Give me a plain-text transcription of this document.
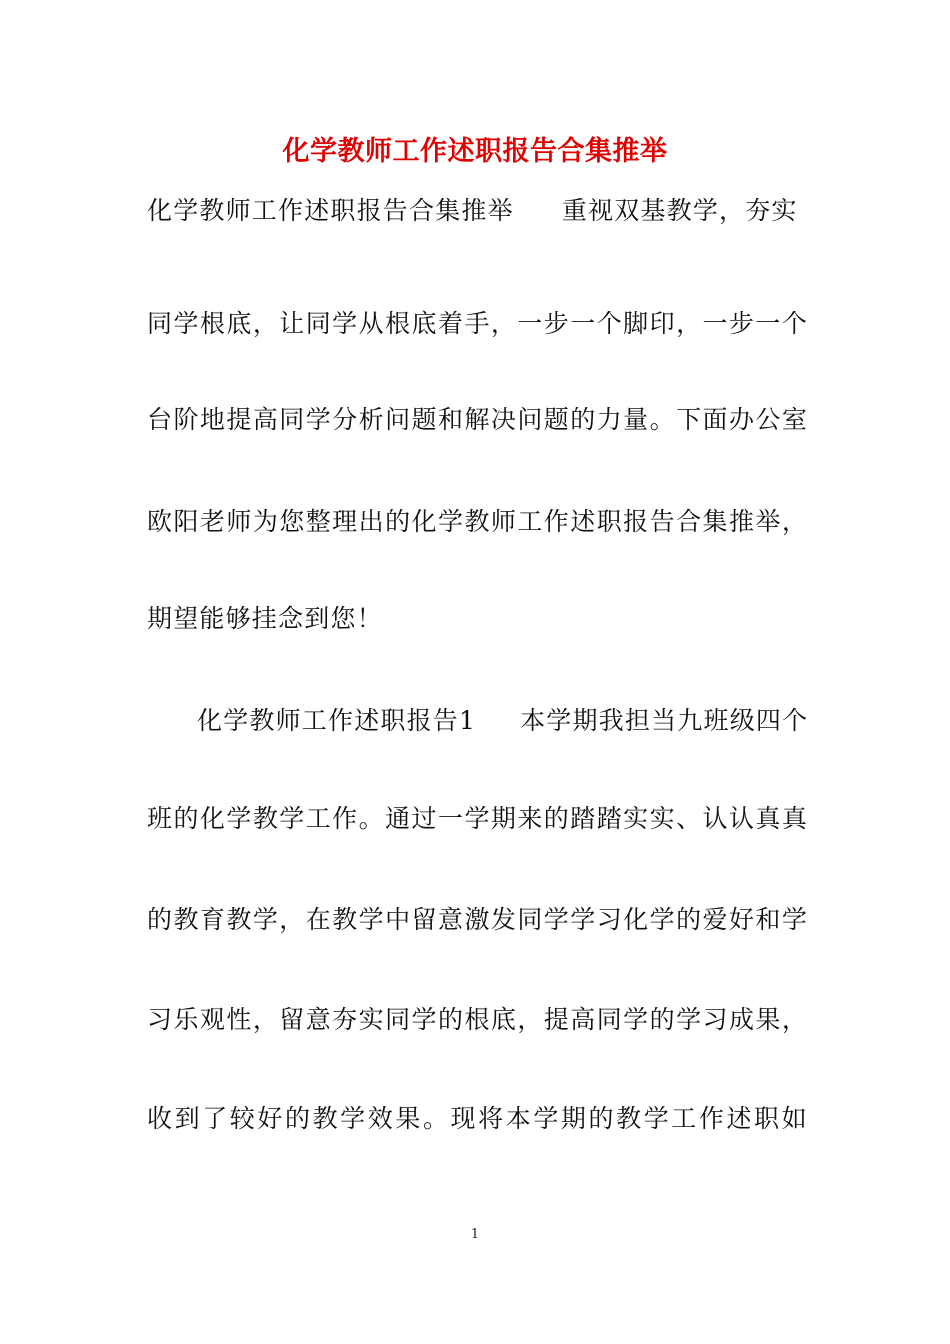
化学教师工作述职报告合集推举
化学教师工作述职报告合集推举 重视双基教学，夯实
同 学 根 底 ， 让 同 学 从 根 底 着 手 ， 一 步 一 个 脚 印 ， 一 步 一 个
台 阶 地 提 高 同 学 分 析 问 题 和 解 决 问 题 的 力 量 。 下 面 办 公 室
欧 阳 老 师 为 您 整 理 出 的 化 学 教 师 工 作 述 职 报 告 合 集 推 举 ，
期望能够挂念到您！
化学教师工作述职报告1 本学期我担当九班级四个
班 的 化 学 教 学 工 作 。 通 过 一 学 期 来 的 踏 踏 实 实 、 认 认 真 真
的 教 育 教 学 ， 在 教 学 中 留 意 激 发 同 学 学 习 化 学 的 爱 好 和 学
习 乐 观 性 ， 留 意 夯 实 同 学 的 根 底 ， 提 高 同 学 的 学 习 成 果 ，
收 到 了 较 好 的 教 学 效 果 。 现 将 本 学 期 的 教 学 工 作 述 职 如
1
